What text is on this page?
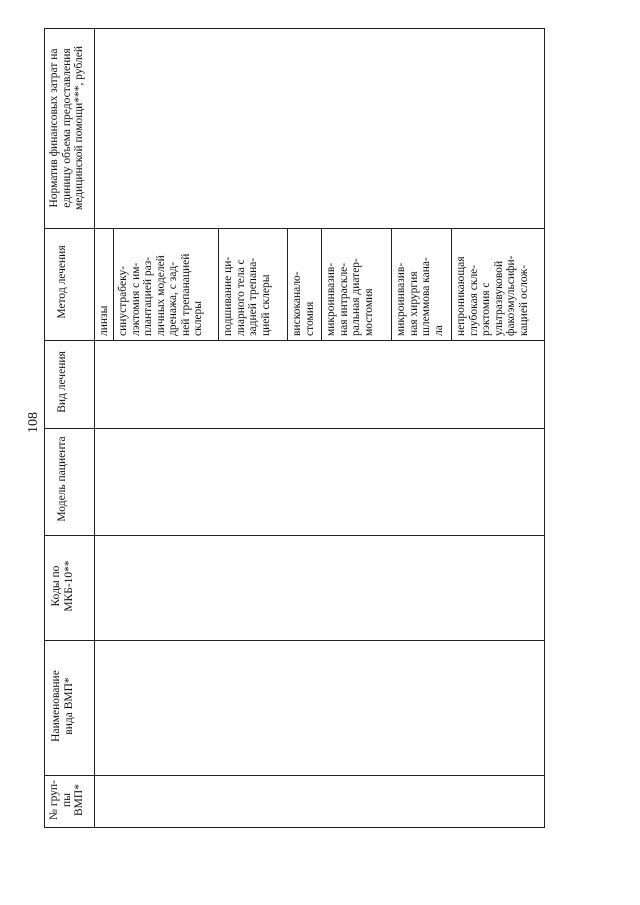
108
№ груп-
пы
ВМП*
Наименование
вида ВМП*
Коды по
МКБ-10**
Модель пациента
Вид лечения
Метод лечения
Норматив финансовых затрат на
единицу объема предоставления
медицинской помощи***, рублей
линзы синустрабеку-
лэктомия с им-
плантацией раз-
личных моделей
дренажа, с зад-
ней трепанацией
склеры подшивание ци-
лиарного тела с
задней трепана-
цией склеры вискоканало-
стомия микроинвазив-
ная интраскле-
ральная диатер-
мостомия микроинвазив-
ная хирургия
шлеммова кана-
ла непроникающая
глубокая скле-
рэктомия с
ультразвуковой
факоэмульсифи-
кацией ослож-
